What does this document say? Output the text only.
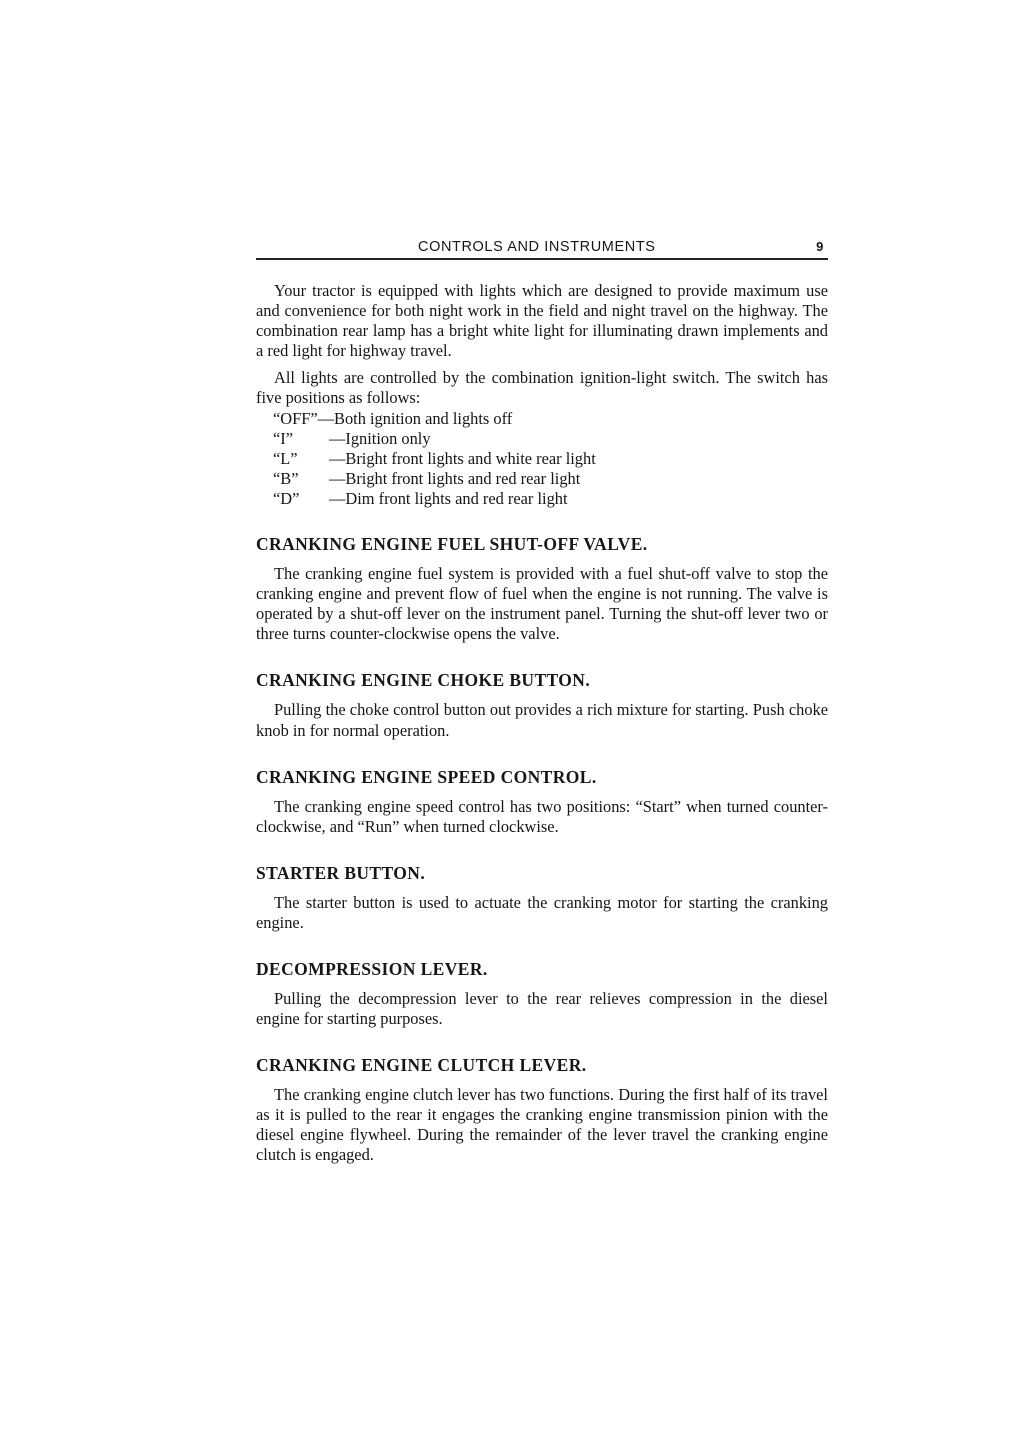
CONTROLS AND INSTRUMENTS	9

Your tractor is equipped with lights which are designed to provide maximum use and convenience for both night work in the field and night travel on the highway. The combination rear lamp has a bright white light for illuminating drawn implements and a red light for highway travel.

All lights are controlled by the combination ignition-light switch. The switch has five positions as follows:

“OFF” —Both ignition and lights off
“I”	—Ignition only
“L”	—Bright front lights and white rear light
“B”	—Bright front lights and red rear light
“D”	—Dim front lights and red rear light
CRANKING ENGINE FUEL SHUT-OFF VALVE.

The cranking engine fuel system is provided with a fuel shut-off valve to stop the cranking engine and prevent flow of fuel when the engine is not running. The valve is operated by a shut-off lever on the instrument panel. Turning the shut-off lever two or three turns counter-clockwise opens the valve.

CRANKING ENGINE CHOKE BUTTON.

Pulling the choke control button out provides a rich mixture for starting. Push choke knob in for normal operation.

CRANKING ENGINE SPEED CONTROL.

The cranking engine speed control has two positions: “Start” when turned counter-clockwise, and “Run” when turned clockwise.

STARTER BUTTON.

The starter button is used to actuate the cranking motor for starting the cranking engine.

DECOMPRESSION LEVER.

Pulling the decompression lever to the rear relieves compression in the diesel engine for starting purposes.

CRANKING ENGINE CLUTCH LEVER.

The cranking engine clutch lever has two functions. During the first half of its travel as it is pulled to the rear it engages the cranking engine transmission pinion with the diesel engine flywheel. During the remainder of the lever travel the cranking engine clutch is engaged.
